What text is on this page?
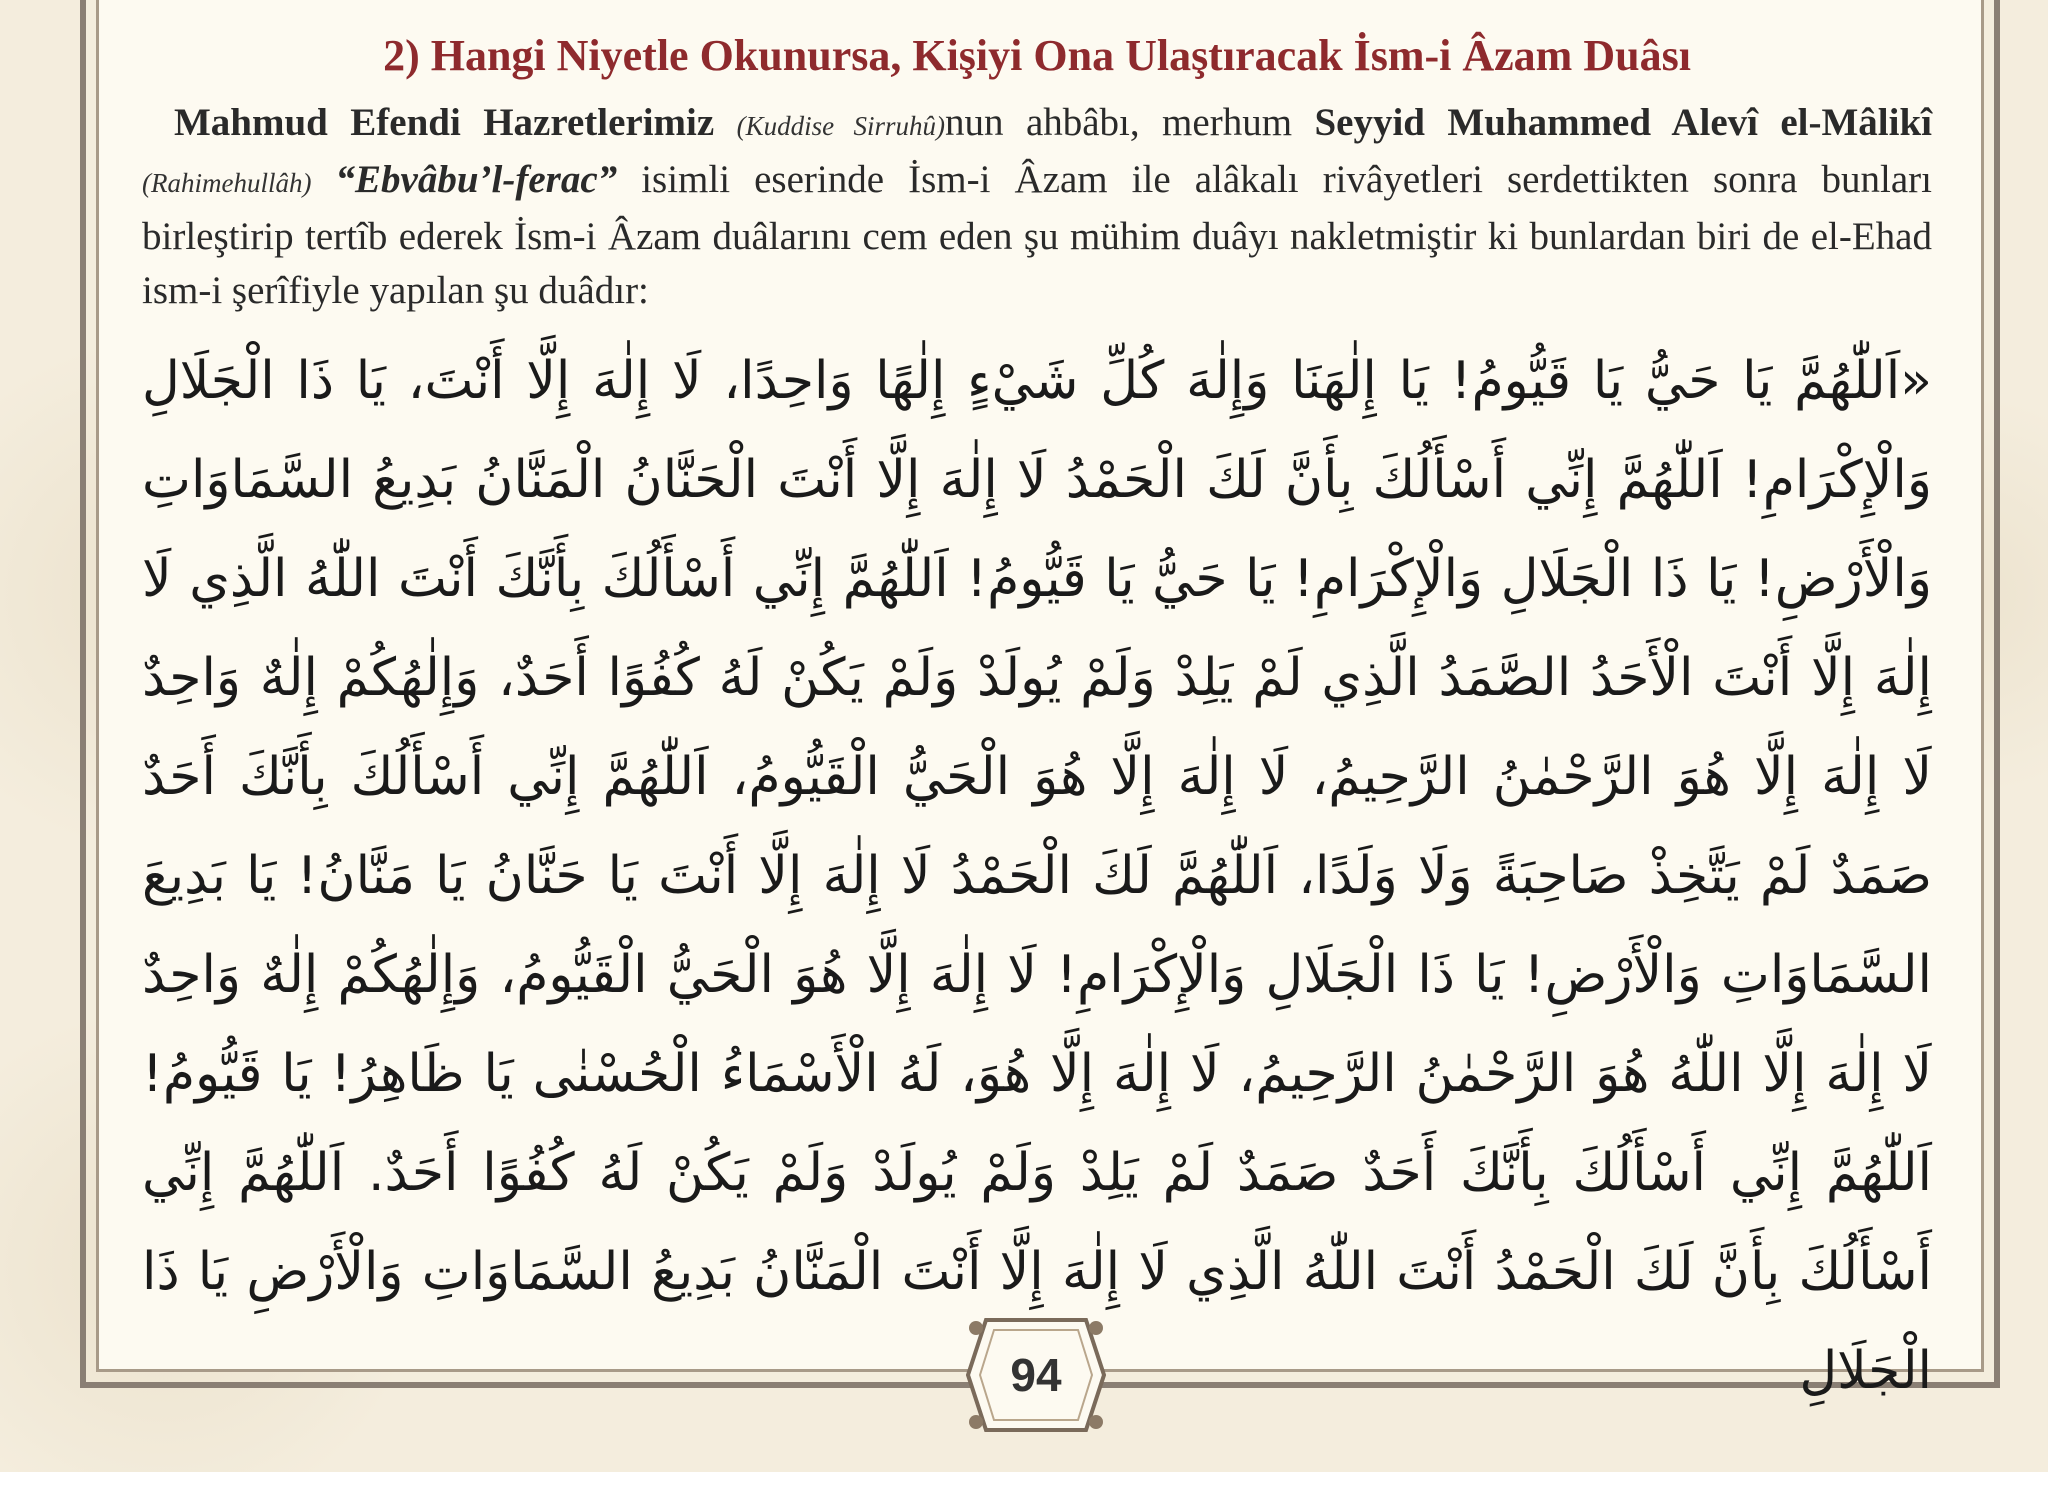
2) Hangi Niyetle Okunursa, Kişiyi Ona Ulaştıracak İsm-i Âzam Duâsı

Mahmud Efendi Hazretlerimiz (Kuddise Sirruhû)nun ahbâbı, merhum Seyyid Muhammed Alevî el-Mâlikî (Rahimehullâh) “Ebvâbu’l-ferac” isimli eserinde İsm-i Âzam ile alâkalı rivâyetleri serdettikten sonra bunları birleştirip tertîb ederek İsm-i Âzam duâlarını cem eden şu mühim duâyı nakletmiştir ki bunlardan biri de el-Ehad ism-i şerîfiyle yapılan şu duâdır:

«اَللّٰهُمَّ يَا حَيُّ يَا قَيُّومُ! يَا إِلٰهَنَا وَإِلٰهَ كُلِّ شَيْءٍ إِلٰهًا وَاحِدًا، لَا إِلٰهَ إِلَّا أَنْتَ، يَا ذَا الْجَلَالِ وَالْإِكْرَامِ! اَللّٰهُمَّ إِنِّي أَسْأَلُكَ بِأَنَّ لَكَ الْحَمْدُ لَا إِلٰهَ إِلَّا أَنْتَ الْحَنَّانُ الْمَنَّانُ بَدِيعُ السَّمَاوَاتِ وَالْأَرْضِ! يَا ذَا الْجَلَالِ وَالْإِكْرَامِ! يَا حَيُّ يَا قَيُّومُ! اَللّٰهُمَّ إِنِّي أَسْأَلُكَ بِأَنَّكَ أَنْتَ اللّٰهُ الَّذِي لَا إِلٰهَ إِلَّا أَنْتَ الْأَحَدُ الصَّمَدُ الَّذِي لَمْ يَلِدْ وَلَمْ يُولَدْ وَلَمْ يَكُنْ لَهُ كُفُوًا أَحَدٌ، وَإِلٰهُكُمْ إِلٰهٌ وَاحِدٌ لَا إِلٰهَ إِلَّا هُوَ الرَّحْمٰنُ الرَّحِيمُ، لَا إِلٰهَ إِلَّا هُوَ الْحَيُّ الْقَيُّومُ، اَللّٰهُمَّ إِنِّي أَسْأَلُكَ بِأَنَّكَ أَحَدٌ صَمَدٌ لَمْ يَتَّخِذْ صَاحِبَةً وَلَا وَلَدًا، اَللّٰهُمَّ لَكَ الْحَمْدُ لَا إِلٰهَ إِلَّا أَنْتَ يَا حَنَّانُ يَا مَنَّانُ! يَا بَدِيعَ السَّمَاوَاتِ وَالْأَرْضِ! يَا ذَا الْجَلَالِ وَالْإِكْرَامِ! لَا إِلٰهَ إِلَّا هُوَ الْحَيُّ الْقَيُّومُ، وَإِلٰهُكُمْ إِلٰهٌ وَاحِدٌ لَا إِلٰهَ إِلَّا اللّٰهُ هُوَ الرَّحْمٰنُ الرَّحِيمُ، لَا إِلٰهَ إِلَّا هُوَ، لَهُ الْأَسْمَاءُ الْحُسْنٰى يَا ظَاهِرُ! يَا قَيُّومُ! اَللّٰهُمَّ إِنِّي أَسْأَلُكَ بِأَنَّكَ أَحَدٌ صَمَدٌ لَمْ يَلِدْ وَلَمْ يُولَدْ وَلَمْ يَكُنْ لَهُ كُفُوًا أَحَدٌ. اَللّٰهُمَّ إِنِّي أَسْأَلُكَ بِأَنَّ لَكَ الْحَمْدُ أَنْتَ اللّٰهُ الَّذِي لَا إِلٰهَ إِلَّا أَنْتَ الْمَنَّانُ بَدِيعُ السَّمَاوَاتِ وَالْأَرْضِ يَا ذَا الْجَلَالِ

94
